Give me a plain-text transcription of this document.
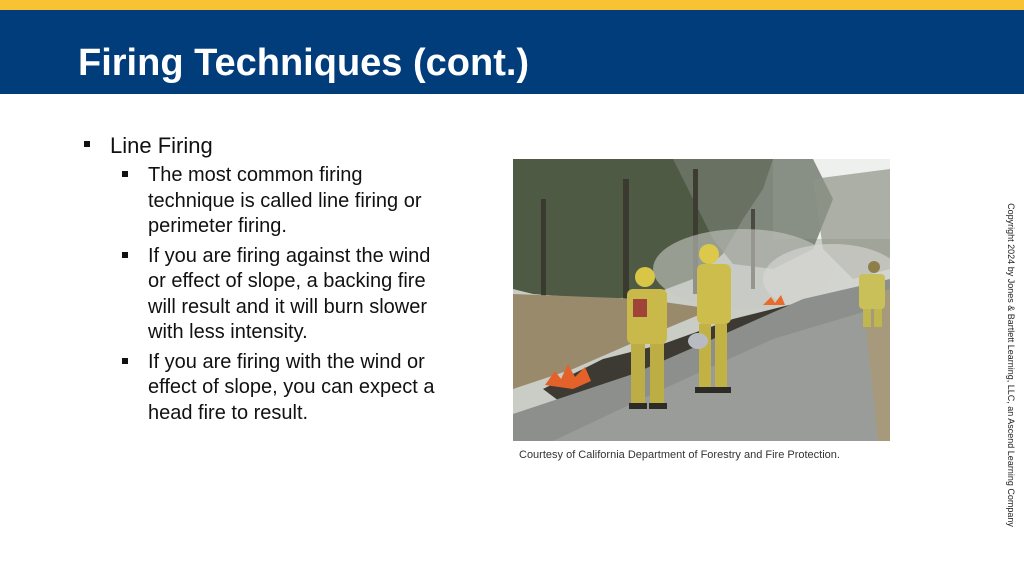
Firing Techniques (cont.)
Line Firing
The most common firing technique is called line firing or perimeter firing.
If you are firing against the wind or effect of slope, a backing fire will result and it will burn slower with less intensity.
If you are firing with the wind or effect of slope, you can expect a head fire to result.
Courtesy of California Department of Forestry and Fire Protection.	Copyright 2024 by Jones & Bartlett Learning, LLC, an Ascend Learning Company
